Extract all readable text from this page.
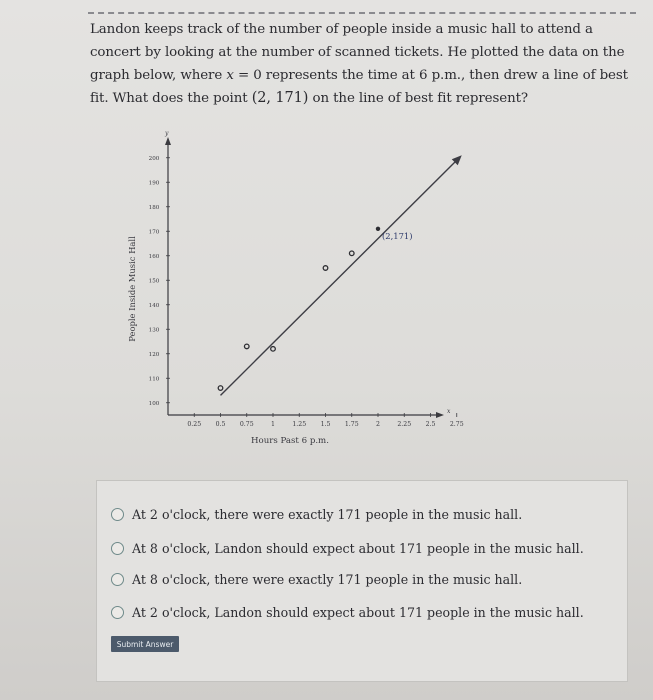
Landon keeps track of the number of people inside a music hall to attend a concert by looking at the number of scanned tickets. He plotted the data on the graph below, where x = 0 represents the time at 6 p.m., then drew a line of best fit. What does the point (2, 171) on the line of best fit represent?
x
y
0.25 0.5 0.75	1	1.25 1.5 1.75	2	2.25 2.5 2.75
100
110
120
130
140
150
160
170
180
190
200
Hours Past 6 p.m.
People Inside Music Hall
(2,171)
At 2 o'clock, there were exactly 171 people in the music hall.
At 8 o'clock, Landon should expect about 171 people in the music hall.
At 8 o'clock, there were exactly 171 people in the music hall.
At 2 o'clock, Landon should expect about 171 people in the music hall.
Submit Answer
